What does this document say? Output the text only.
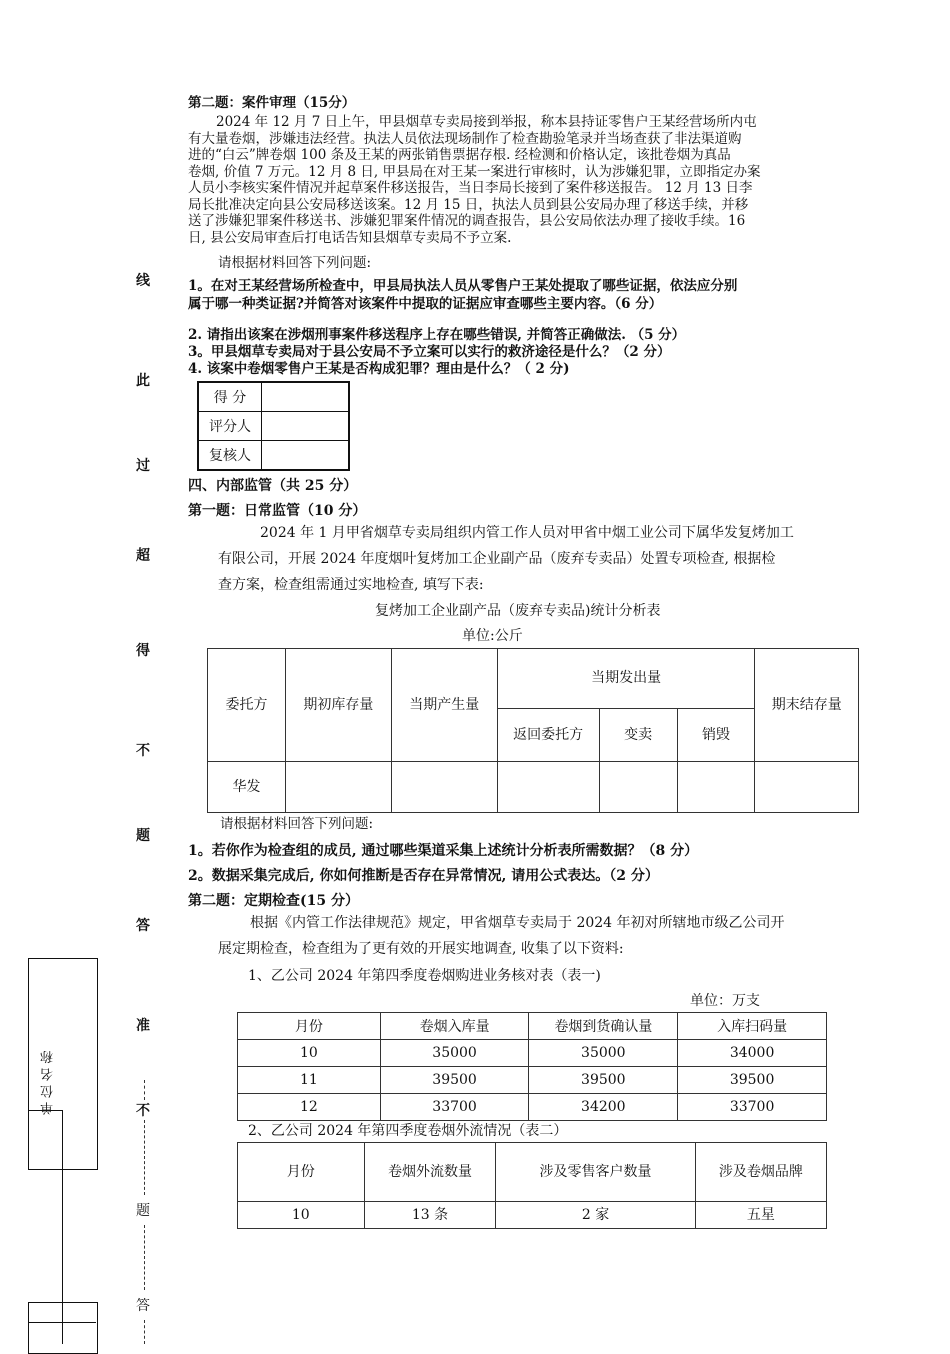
线
此
过
超
得
不
题
答
准
不
题
答
单 位 名 称
第二题：案件审理（15分）
2024 年 12 月 7 日上午，甲县烟草专卖局接到举报，称本县持证零售户王某经营场所内屯
有大量卷烟，涉嫌违法经营。执法人员依法现场制作了检查勘验笔录并当场查获了非法渠道购
进的“白云”牌卷烟 100 条及王某的两张销售票据存根. 经检测和价格认定，该批卷烟为真品
卷烟, 价值 7 万元。12 月 8 日, 甲县局在对王某一案进行审核时，认为涉嫌犯罪，立即指定办案
人员小李核实案件情况并起草案件移送报告，当日李局长接到了案件移送报告。 12 月 13 日李
局长批准决定向县公安局移送该案。12 月 15 日，执法人员到县公安局办理了移送手续，并移
送了涉嫌犯罪案件移送书、涉嫌犯罪案件情况的调查报告，县公安局依法办理了接收手续。16
日, 县公安局审查后打电话告知县烟草专卖局不予立案.
请根据材料回答下列问题:
1。在对王某经营场所检查中，甲县局执法人员从零售户王某处提取了哪些证据，依法应分别
属于哪一种类证据?并简答对该案件中提取的证据应审查哪些主要内容。（6 分）
2. 请指出该案在涉烟刑事案件移送程序上存在哪些错误, 并简答正确做法. （5 分）
3。甲县烟草专卖局对于县公安局不予立案可以实行的救济途径是什么？（2 分）
4. 该案中卷烟零售户王某是否构成犯罪？理由是什么？（ 2 分)
得 分	
评分人	
复核人	
四、内部监管（共 25 分）
第一题：日常监管（10 分）
2024 年 1 月甲省烟草专卖局组织内管工作人员对甲省中烟工业公司下属华发复烤加工
有限公司，开展 2024 年度烟叶复烤加工企业副产品（废弃专卖品）处置专项检查, 根据检
查方案，检查组需通过实地检查, 填写下表:
复烤加工企业副产品（废弃专卖品)统计分析表
单位:公斤
委托方	期初库存量	当期产生量	当期发出量			期末结存量
			返回委托方	变卖	销毁	
华发						
请根据材料回答下列问题:
1。若你作为检查组的成员, 通过哪些渠道采集上述统计分析表所需数据？（8 分）
2。数据采集完成后, 你如何推断是否存在异常情况, 请用公式表达。（2 分）
第二题：定期检查(15 分）
根据《内管工作法律规范》规定，甲省烟草专卖局于 2024 年初对所辖地市级乙公司开
展定期检查，检查组为了更有效的开展实地调查, 收集了以下资料:
1、乙公司 2024 年第四季度卷烟购进业务核对表（表一)
单位：万支
月份	卷烟入库量	卷烟到货确认量	入库扫码量
10	35000	35000	34000
11	39500	39500	39500
12	33700	34200	33700
2、乙公司 2024 年第四季度卷烟外流情况（表二）
月份	卷烟外流数量	涉及零售客户数量	涉及卷烟品牌
10	13 条	2 家	五星
